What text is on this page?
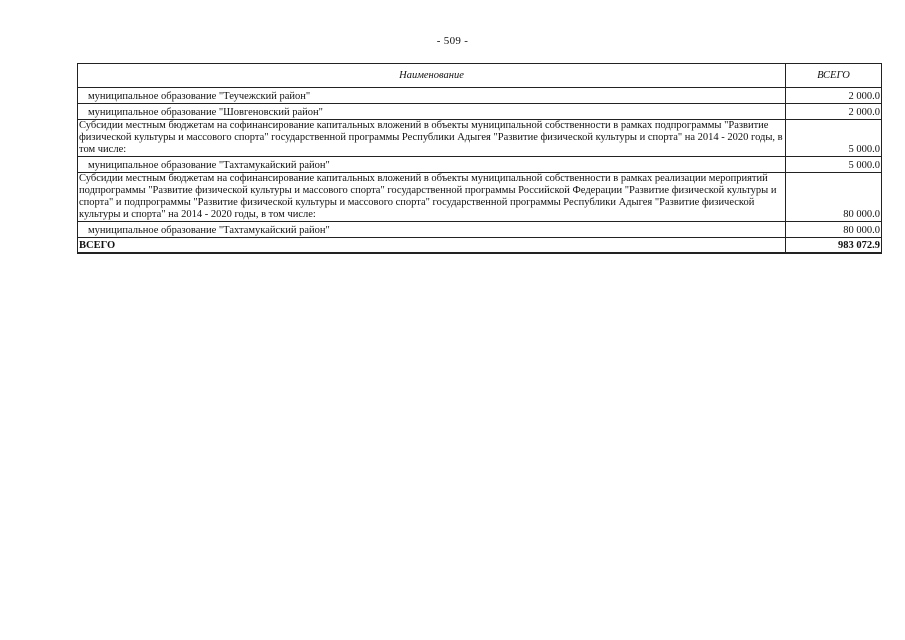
- 509 -
Наименование	ВСЕГО
муниципальное образование "Теучежский район"	2 000.0
муниципальное образование "Шовгеновский район"	2 000.0
Субсидии местным бюджетам на софинансирование капитальных вложений в объекты муниципальной собственности в рамках подпрограммы "Развитие физической культуры и массового спорта" государственной программы Республики Адыгея "Развитие физической культуры и спорта" на 2014 - 2020 годы, в том числе:	5 000.0
муниципальное образование "Тахтамукайский район"	5 000.0
Субсидии местным бюджетам на софинансирование капитальных вложений в объекты муниципальной собственности в рамках реализации мероприятий подпрограммы "Развитие физической культуры и массового спорта" государственной программы Российской Федерации "Развитие физической культуры и спорта" и подпрограммы "Развитие физической культуры и массового спорта" государственной программы Республики Адыгея "Развитие физической культуры и спорта" на 2014 - 2020 годы, в том числе:	80 000.0
муниципальное образование "Тахтамукайский район"	80 000.0
ВСЕГО	983 072.9
